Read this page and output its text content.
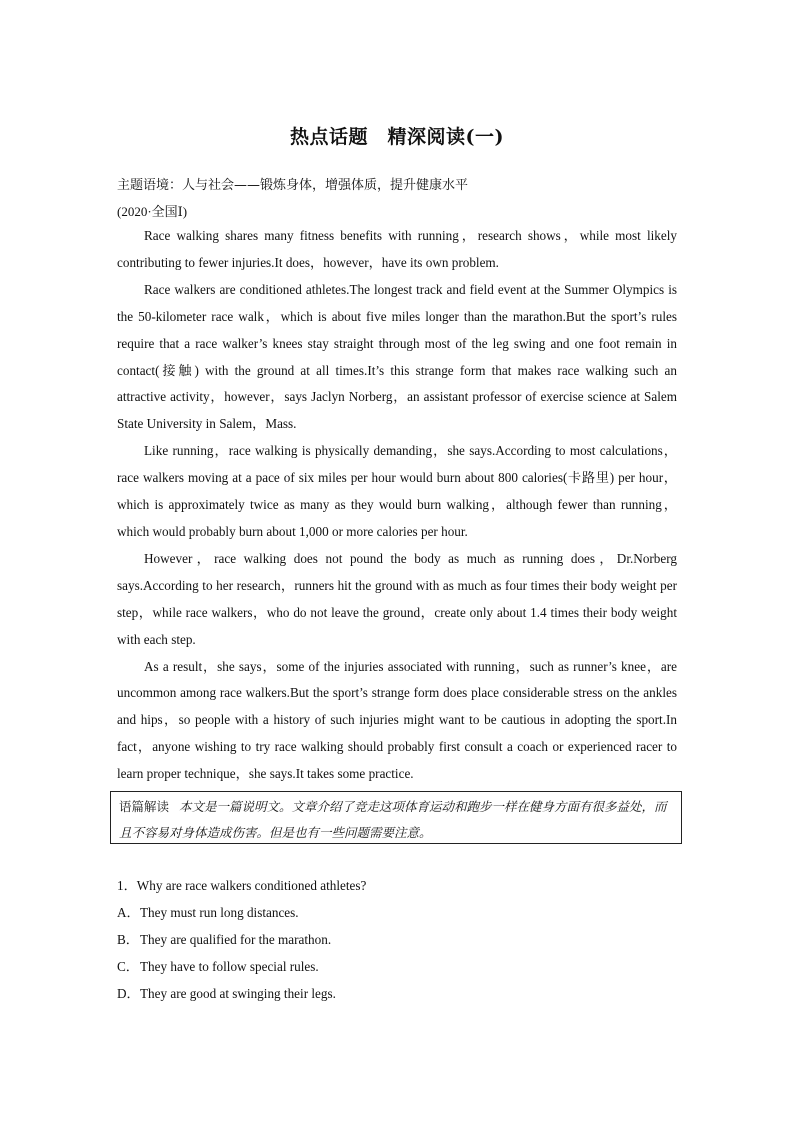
热点话题　精深阅读(一)
主题语境：人与社会——锻炼身体，增强体质，提升健康水平
(2020·全国Ⅰ)

Race walking shares many fitness benefits with running，research shows，while most likely contributing to fewer injuries.It does，however，have its own problem.

Race walkers are conditioned athletes.The longest track and field event at the Summer Olympics is the 50-kilometer race walk，which is about five miles longer than the marathon.But the sport’s rules require that a race walker’s knees stay straight through most of the leg swing and one foot remain in contact(接触) with the ground at all times.It’s this strange form that makes race walking such an attractive activity，however，says Jaclyn Norberg，an assistant professor of exercise science at Salem State University in Salem，Mass.

Like running，race walking is physically demanding，she says.According to most calculations，race walkers moving at a pace of six miles per hour would burn about 800 calories(卡路里) per hour，which is approximately twice as many as they would burn walking，although fewer than running，which would probably burn about 1,000 or more calories per hour.

However，race walking does not pound the body as much as running does，Dr.Norberg says.According to her research，runners hit the ground with as much as four times their body weight per step，while race walkers，who do not leave the ground，create only about 1.4 times their body weight with each step.

As a result，she says，some of the injuries associated with running，such as runner’s knee，are uncommon among race walkers.But the sport’s strange form does place considerable stress on the ankles and hips，so people with a history of such injuries might want to be cautious in adopting the sport.In fact，anyone wishing to try race walking should probably first consult a coach or experienced racer to learn proper technique，she says.It takes some practice.

语篇解读 本文是一篇说明文。文章介绍了竞走这项体育运动和跑步一样在健身方面有很多益处，而且不容易对身体造成伤害。但是也有一些问题需要注意。
1．Why are race walkers conditioned athletes?
A．They must run long distances.
B．They are qualified for the marathon.
C．They have to follow special rules.
D．They are good at swinging their legs.
